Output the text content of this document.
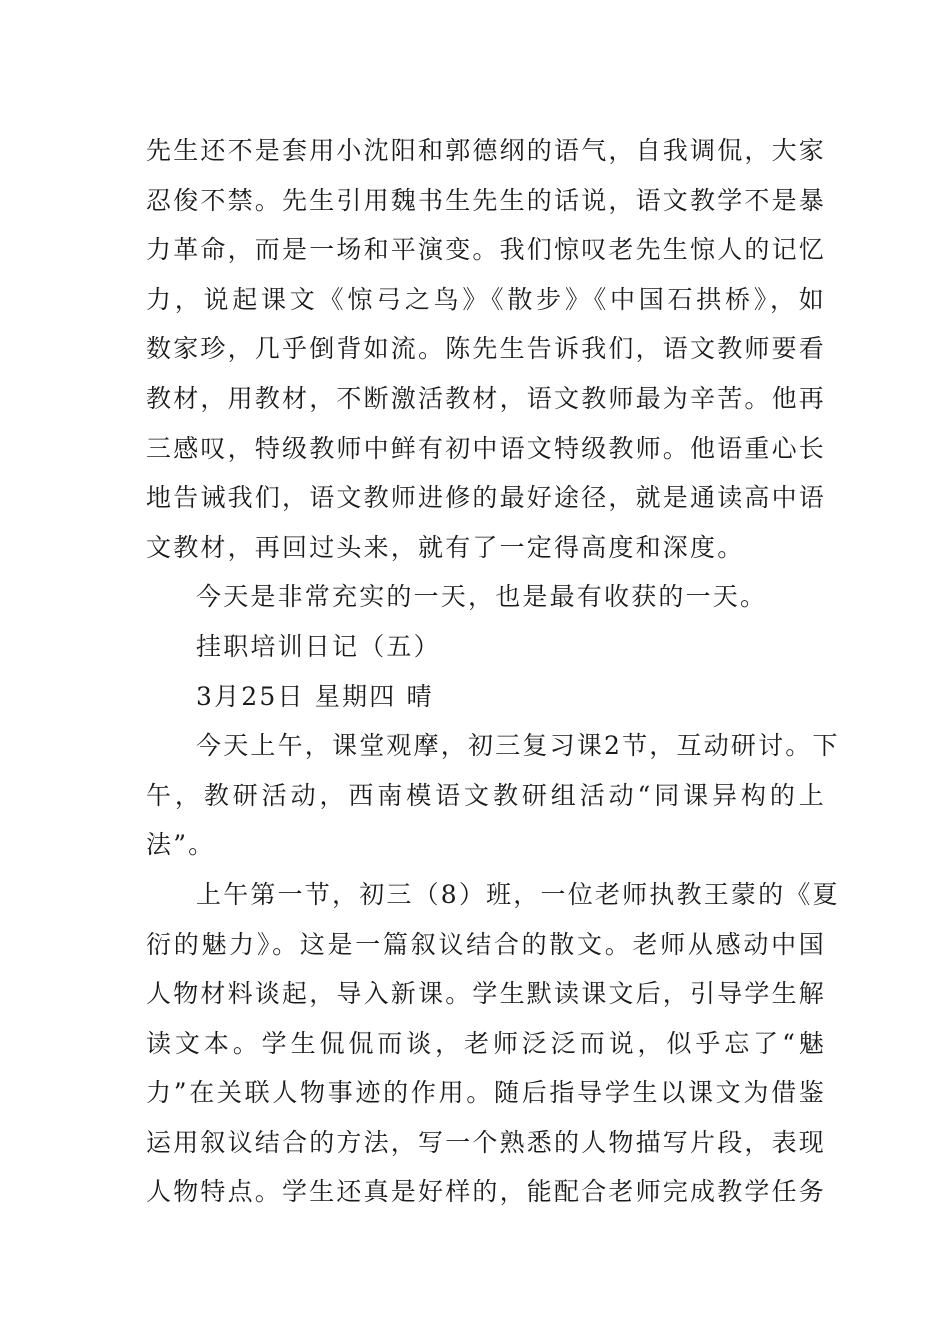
先生还不是套用小沈阳和郭德纲的语气，自我调侃，大家
忍俊不禁。先生引用魏书生先生的话说，语文教学不是暴
力革命，而是一场和平演变。我们惊叹老先生惊人的记忆
力，说起课文《惊弓之鸟》《散步》《中国石拱桥》，如
数家珍，几乎倒背如流。陈先生告诉我们，语文教师要看
教材，用教材，不断激活教材，语文教师最为辛苦。他再
三感叹，特级教师中鲜有初中语文特级教师。他语重心长
地告诫我们，语文教师进修的最好途径，就是通读高中语
文教材，再回过头来，就有了一定得高度和深度。
今天是非常充实的一天，也是最有收获的一天。
挂职培训日记（五）
3月25日 星期四 晴
今天上午，课堂观摩，初三复习课2节，互动研讨。下
午，教研活动，西南模语文教研组活动“同课异构的上
法”。
上午第一节，初三（8）班，一位老师执教王蒙的《夏
衍的魅力》。这是一篇叙议结合的散文。老师从感动中国
人物材料谈起，导入新课。学生默读课文后，引导学生解
读文本。学生侃侃而谈，老师泛泛而说，似乎忘了“魅
力”在关联人物事迹的作用。随后指导学生以课文为借鉴
运用叙议结合的方法，写一个熟悉的人物描写片段，表现
人物特点。学生还真是好样的，能配合老师完成教学任务
